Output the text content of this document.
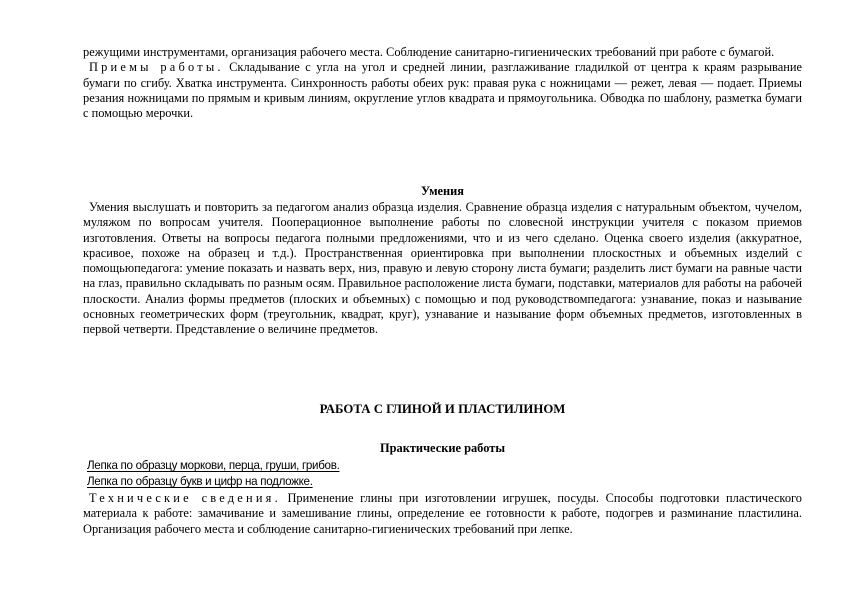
режущими инструментами, организация рабочего места. Соблюдение санитарно-гигиенических требований при работе с бумагой.

Приемы работы. Складывание с угла на угол и средней линии, разглаживание гладилкой от центра к краям разрывание бумаги по сгибу. Хватка инструмента. Синхронность работы обеих рук: правая рука с ножницами — режет, левая — подает. Приемы резания ножницами по прямым и кривым линиям, округление углов квадрата и прямоугольника. Обводка по шаблону, разметка бумаги с помощью мерочки.

Умения

Умения выслушать и повторить за педагогом анализ образца изделия. Сравнение образца изделия с натуральным объектом, чучелом, муляжом по вопросам учителя. Пооперационное выполнение работы по словесной инструкции учителя с показом приемов изготовления. Ответы на вопросы педагога полными предложениями, что и из чего сделано. Оценка своего изделия (аккуратное, красивое, похоже на образец и т.д.). Пространственная ориентировка при выполнении плоскостных и объемных изделий с помощьюпедагога: умение показать и назвать верх, низ, правую и левую сторону листа бумаги; разделить лист бумаги на равные части на глаз, правильно складывать по разным осям. Правильное расположение листа бумаги, подставки, материалов для работы на рабочей плоскости. Анализ формы предметов (плоских и объемных) с помощью и под руководствомпедагога: узнавание, показ и называние основных геометрических форм (треугольник, квадрат, круг), узнавание и называние форм объемных предметов, изготовленных в первой четверти. Представление о величине предметов.

РАБОТА С ГЛИНОЙ И ПЛАСТИЛИНОМ
Практические работы
Лепка по образцу моркови, перца, груши, грибов.
Лепка по образцу букв и цифр на подложке.

Технические сведения. Применение глины при изготовлении игрушек, посуды. Способы подготовки пластического материала к работе: замачивание и замешивание глины, определение ее готовности к работе, подогрев и разминание пластилина. Организация рабочего места и соблюдение санитарно-гигиенических требований при лепке.
